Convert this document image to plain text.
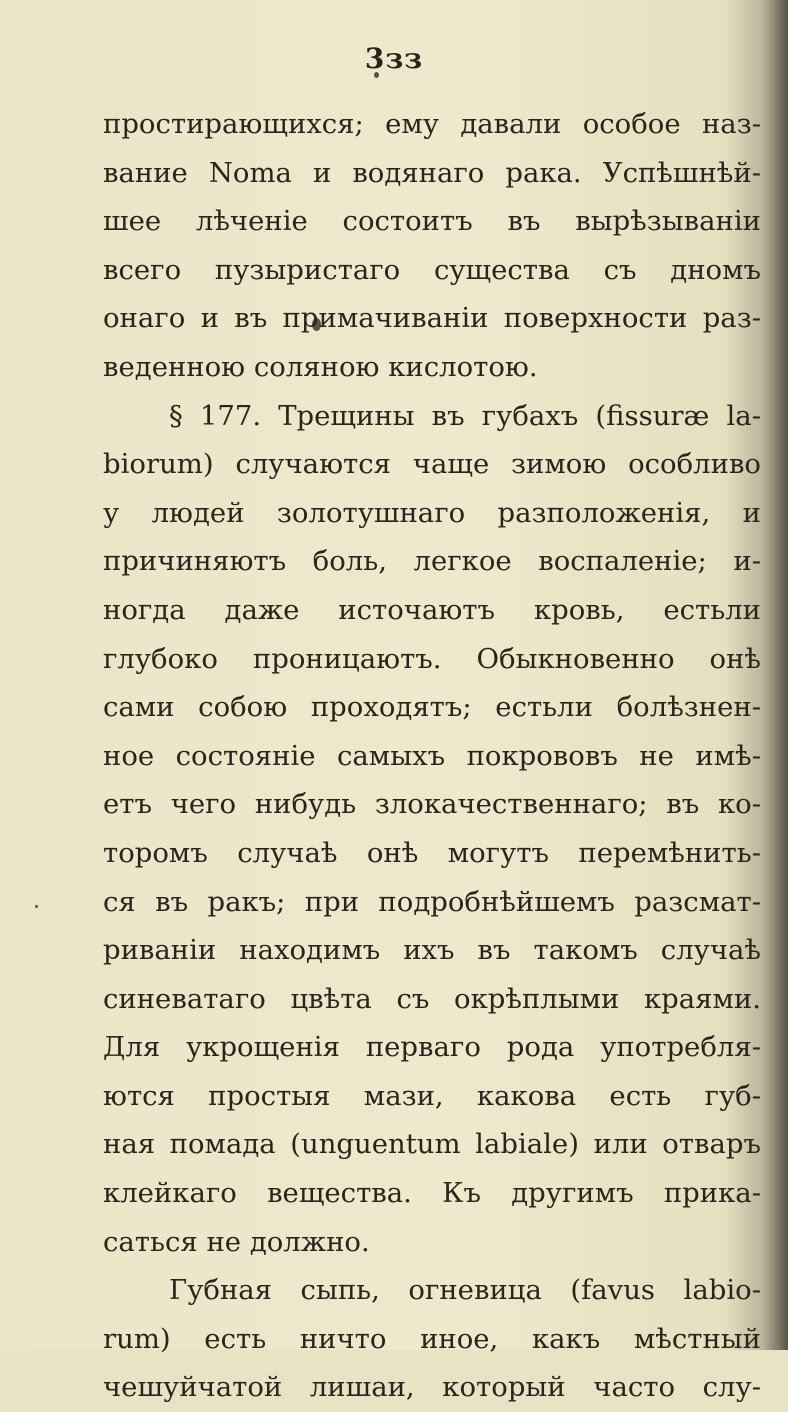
3зз
простирающихся; ему давали особое наз-
вание Noma и водянаго рака. Успѣшнѣй-
шее лѣченіе состоитъ въ вырѣзываніи
всего пузыристаго существа съ дномъ
онаго и въ примачиваніи поверхности раз-
веденною соляною кислотою.
§ 177. Трещины въ губахъ (fissuræ la-
biorum) случаются чаще зимою особливо
у людей золотушнаго разположенія, и
причиняютъ боль, легкое воспаленіе; и-
ногда даже источаютъ кровь, естьли
глубоко проницаютъ. Обыкновенно онѣ
сами собою проходятъ; естьли болѣзнен-
ное состояніе самыхъ покрововъ не имѣ-
етъ чего нибудь злокачественнаго; въ ко-
торомъ случаѣ онѣ могутъ перемѣнить-
ся въ ракъ; при подробнѣйшемъ разсмат-
риваніи находимъ ихъ въ такомъ случаѣ
синеватаго цвѣта съ окрѣплыми краями.
Для укрощенія перваго рода употребля-
ются простыя мази, какова есть губ-
ная помада (unguentum labiale) или отваръ
клейкаго вещества. Къ другимъ прика-
саться не должно.
Губная сыпь, огневица (favus labio-
rum) есть ничто иное, какъ мѣстный
чешуйчатой лишаи, который часто слу-
